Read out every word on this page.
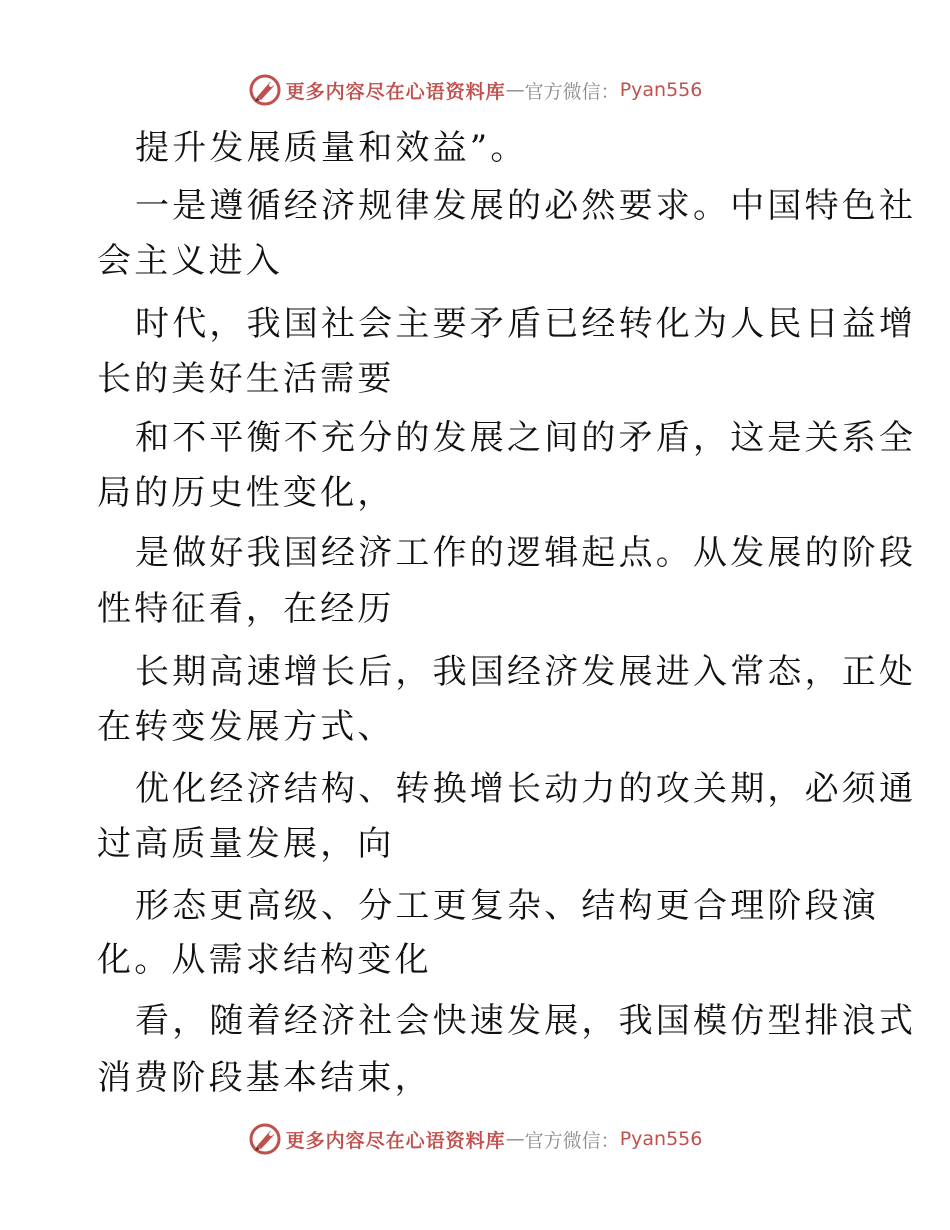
更多内容尽在心语资料库 — 官方微信： Pyan556
提升发展质量和效益”。
一是遵循经济规律发展的必然要求。中国特色社
会主义进入
时代，我国社会主要矛盾已经转化为人民日益增
长的美好生活需要
和不平衡不充分的发展之间的矛盾，这是关系全
局的历史性变化，
是做好我国经济工作的逻辑起点。从发展的阶段
性特征看，在经历
长期高速增长后，我国经济发展进入常态，正处
在转变发展方式、
优化经济结构、转换增长动力的攻关期，必须通
过高质量发展，向
形态更高级、分工更复杂、结构更合理阶段演
化。从需求结构变化
看，随着经济社会快速发展，我国模仿型排浪式
消费阶段基本结束，
更多内容尽在心语资料库 — 官方微信： Pyan556
